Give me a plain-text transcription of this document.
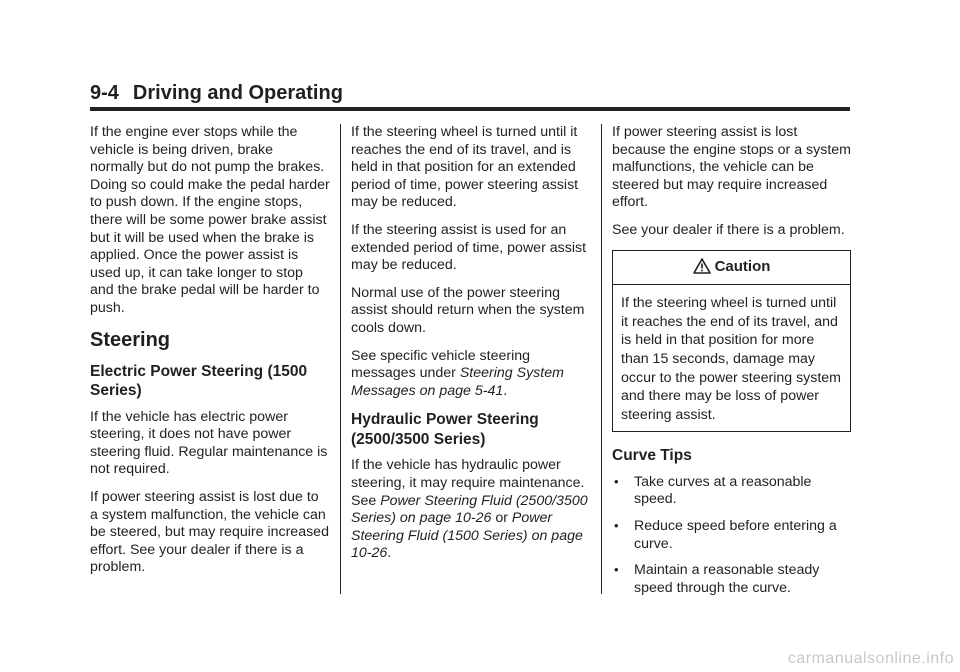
9-4 Driving and Operating

If the engine ever stops while the vehicle is being driven, brake normally but do not pump the brakes. Doing so could make the pedal harder to push down. If the engine stops, there will be some power brake assist but it will be used when the brake is applied. Once the power assist is used up, it can take longer to stop and the brake pedal will be harder to push.

Steering
Electric Power Steering (1500 Series)

If the vehicle has electric power steering, it does not have power steering fluid. Regular maintenance is not required.

If power steering assist is lost due to a system malfunction, the vehicle can be steered, but may require increased effort. See your dealer if there is a problem.

If the steering wheel is turned until it reaches the end of its travel, and is held in that position for an extended period of time, power steering assist may be reduced.

If the steering assist is used for an extended period of time, power assist may be reduced.

Normal use of the power steering assist should return when the system cools down.

See specific vehicle steering messages under Steering System Messages on page 5-41.

Hydraulic Power Steering (2500/3500 Series)

If the vehicle has hydraulic power steering, it may require maintenance. See Power Steering Fluid (2500/3500 Series) on page 10-26 or Power Steering Fluid (1500 Series) on page 10-26.

If power steering assist is lost because the engine stops or a system malfunctions, the vehicle can be steered but may require increased effort.

See your dealer if there is a problem.

Caution
If the steering wheel is turned until it reaches the end of its travel, and is held in that position for more than 15 seconds, damage may occur to the power steering system and there may be loss of power steering assist.
Curve Tips
• Take curves at a reasonable speed.
• Reduce speed before entering a curve.
• Maintain a reasonable steady speed through the curve.
carmanualsonline.info
